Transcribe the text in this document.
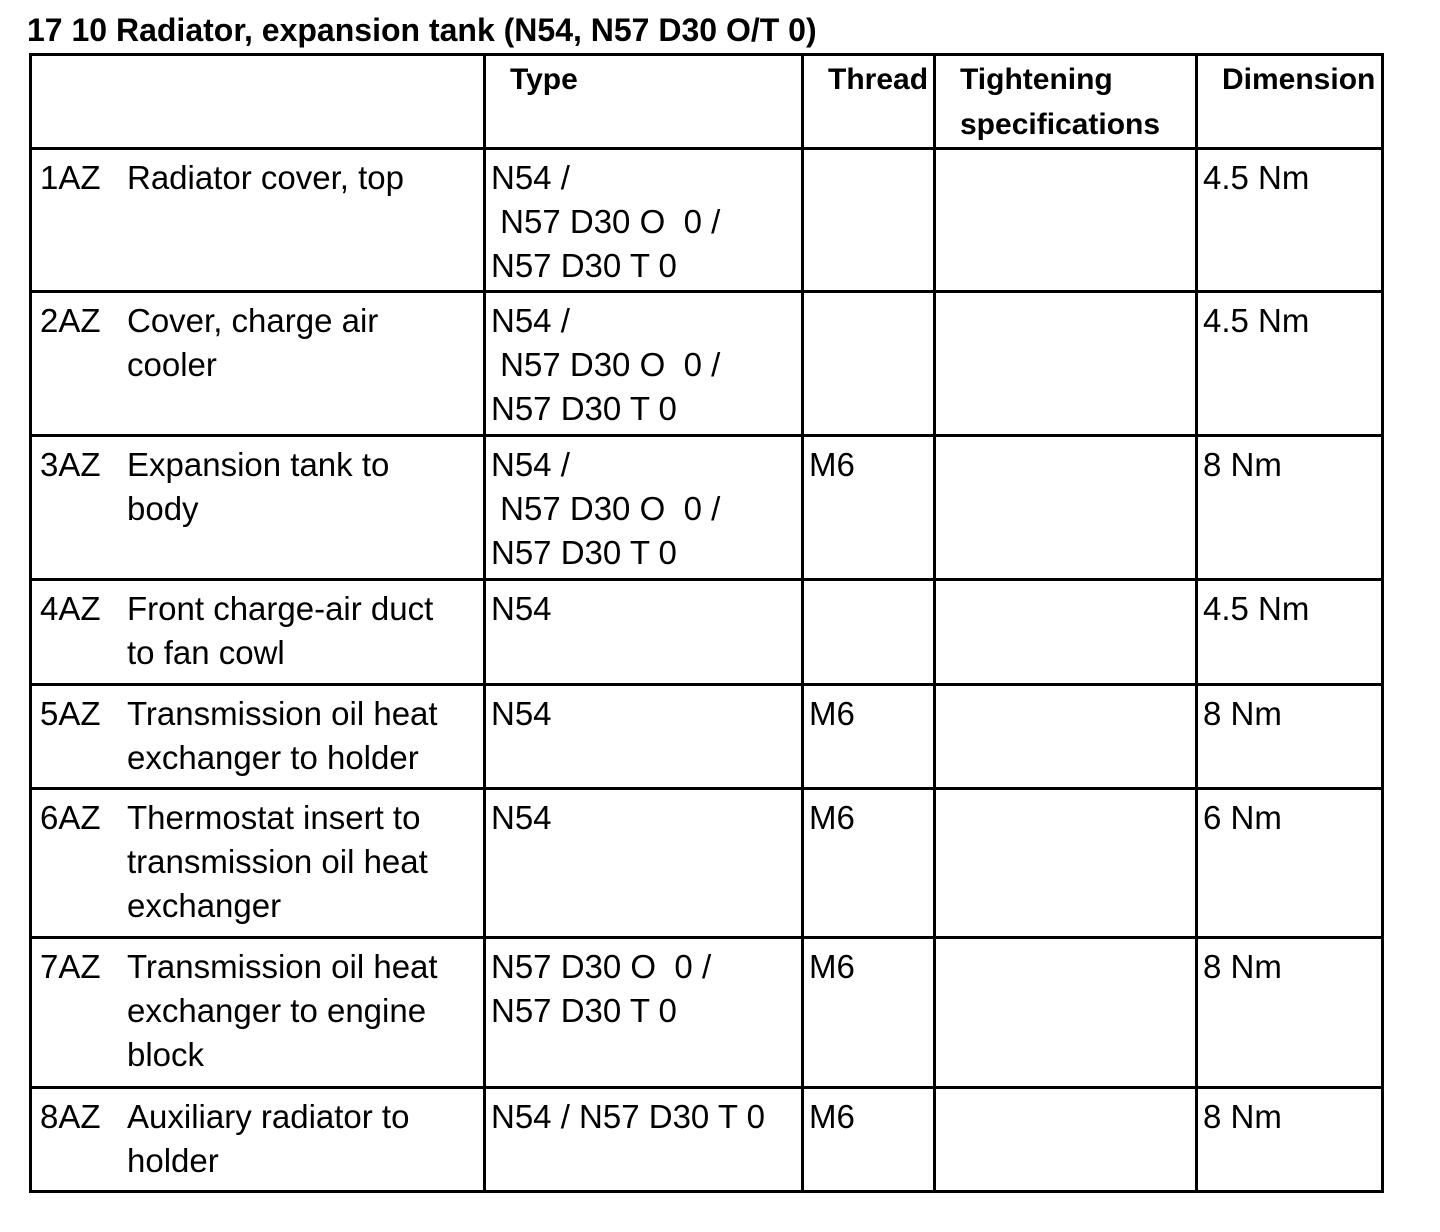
17 10 Radiator, expansion tank (N54, N57 D30 O/T 0)
	Type	Thread	Tightening specifications	Dimension

1AZ Radiator cover, top	N54 /
N57 D30 O  0 /
N57 D30 T 0			4.5 Nm

2AZ Cover, charge air cooler	N54 /
N57 D30 O  0 /
N57 D30 T 0			4.5 Nm

3AZ Expansion tank to body	N54 /
N57 D30 O  0 /
N57 D30 T 0	M6		8 Nm

4AZ Front charge-air duct to fan cowl	N54			4.5 Nm

5AZ Transmission oil heat exchanger to holder	N54	M6		8 Nm

6AZ Thermostat insert to transmission oil heat exchanger	N54	M6		6 Nm

7AZ Transmission oil heat exchanger to engine block	N57 D30 O  0 /
N57 D30 T 0	M6		8 Nm

8AZ Auxiliary radiator to holder	N54 / N57 D30 T 0	M6		8 Nm
